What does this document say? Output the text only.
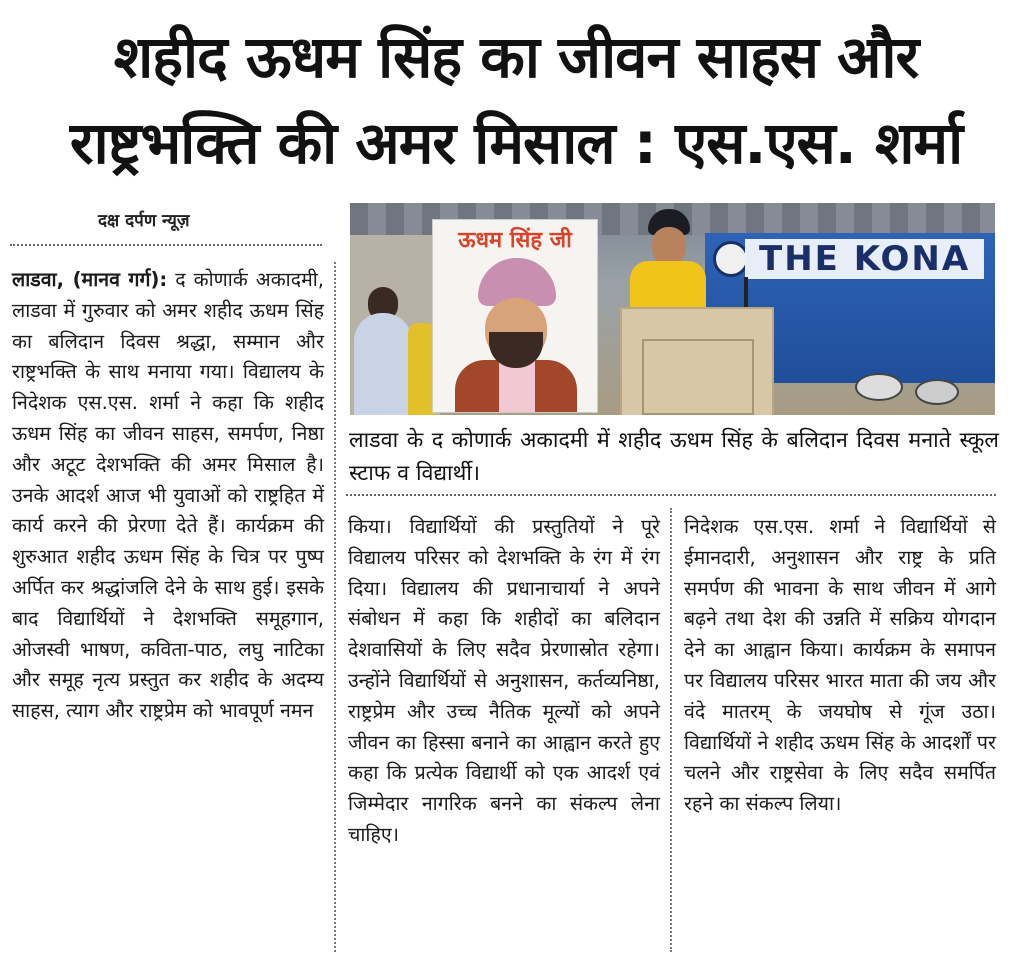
शहीद ऊधम सिंह का जीवन साहस और
राष्ट्रभक्ति की अमर मिसाल : एस.एस. शर्मा
दक्ष दर्पण न्यूज़
लाडवा, (मानव गर्ग): द कोणार्क अकादमी, लाडवा में गुरुवार को अमर शहीद ऊधम सिंह का बलिदान दिवस श्रद्धा, सम्मान और राष्ट्रभक्ति के साथ मनाया गया। विद्यालय के निदेशक एस.एस. शर्मा ने कहा कि शहीद ऊधम सिंह का जीवन साहस, समर्पण, निष्ठा और अटूट देशभक्ति की अमर मिसाल है। उनके आदर्श आज भी युवाओं को राष्ट्रहित में कार्य करने की प्रेरणा देते हैं। कार्यक्रम की शुरुआत शहीद ऊधम सिंह के चित्र पर पुष्प अर्पित कर श्रद्धांजलि देने के साथ हुई। इसके बाद विद्यार्थियों ने देशभक्ति समूहगान, ओजस्वी भाषण, कविता-पाठ, लघु नाटिका और समूह नृत्य प्रस्तुत कर शहीद के अदम्य साहस, त्याग और राष्ट्रप्रेम को भावपूर्ण नमन
THE KONA
ऊधम सिंह जी
लाडवा के द कोणार्क अकादमी में शहीद ऊधम सिंह के बलिदान दिवस मनाते स्कूल स्टाफ व विद्यार्थी।
किया। विद्यार्थियों की प्रस्तुतियों ने पूरे विद्यालय परिसर को देशभक्ति के रंग में रंग दिया। विद्यालय की प्रधानाचार्या ने अपने संबोधन में कहा कि शहीदों का बलिदान देशवासियों के लिए सदैव प्रेरणास्रोत रहेगा। उन्होंने विद्यार्थियों से अनुशासन, कर्तव्यनिष्ठा, राष्ट्रप्रेम और उच्च नैतिक मूल्यों को अपने जीवन का हिस्सा बनाने का आह्वान करते हुए कहा कि प्रत्येक विद्यार्थी को एक आदर्श एवं जिम्मेदार नागरिक बनने का संकल्प लेना चाहिए।
निदेशक एस.एस. शर्मा ने विद्यार्थियों से ईमानदारी, अनुशासन और राष्ट्र के प्रति समर्पण की भावना के साथ जीवन में आगे बढ़ने तथा देश की उन्नति में सक्रिय योगदान देने का आह्वान किया। कार्यक्रम के समापन पर विद्यालय परिसर भारत माता की जय और वंदे मातरम् के जयघोष से गूंज उठा। विद्यार्थियों ने शहीद ऊधम सिंह के आदर्शों पर चलने और राष्ट्रसेवा के लिए सदैव समर्पित रहने का संकल्प लिया।
